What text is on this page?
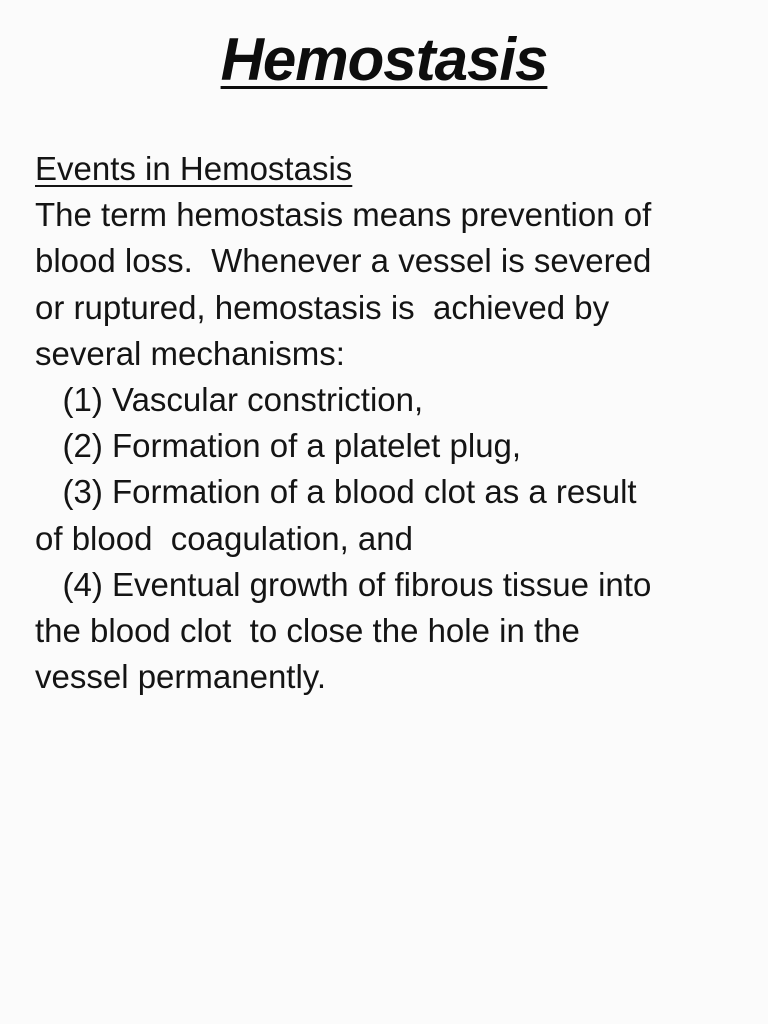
Hemostasis
Events in Hemostasis
The term hemostasis means prevention of
blood loss.  Whenever a vessel is severed
or ruptured, hemostasis is  achieved by
several mechanisms:
(1) Vascular constriction,
(2) Formation of a platelet plug,
(3) Formation of a blood clot as a result
of blood  coagulation, and
(4) Eventual growth of fibrous tissue into
the blood clot  to close the hole in the
vessel permanently.
